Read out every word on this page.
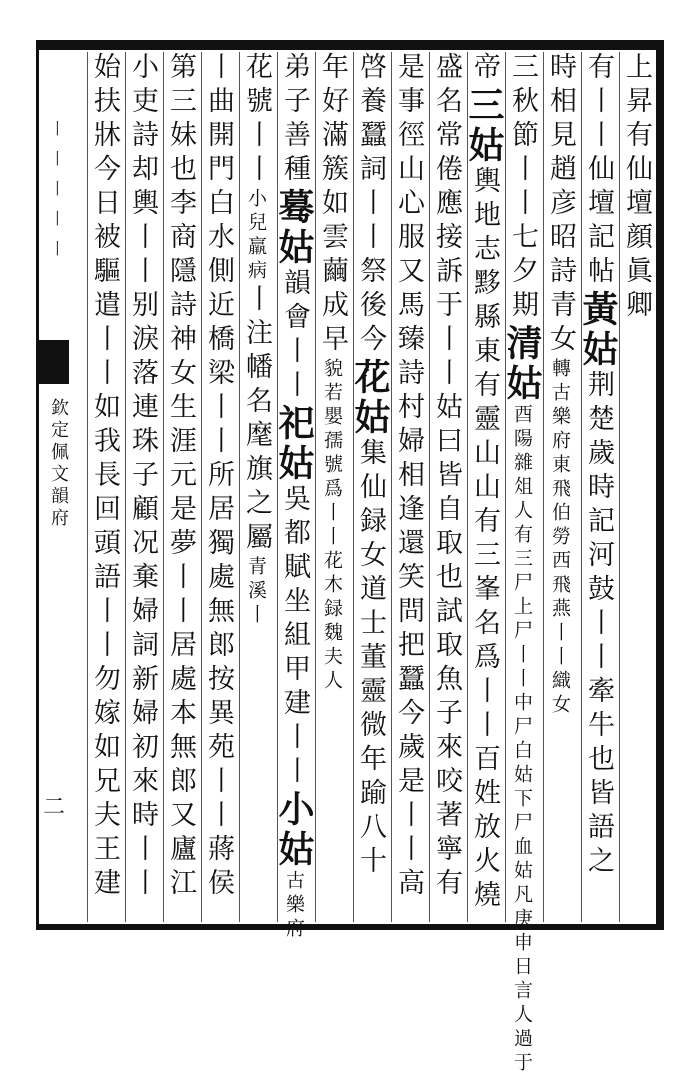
丨丨丨丨丨
欽定佩文韻府
二
上昇有仙壇顔眞卿
有丨丨仙壇記帖黃姑荆楚歲時記河鼓丨丨牽牛也皆語之
時相見趙彦昭詩青女轉古樂府東飛伯勞西飛燕丨丨織女
三秋節丨丨七夕期清姑酉陽雜俎人有三尸上尸丨丨中尸白姑下尸血姑凡庚申日言人過于
帝三姑輿地志黟縣東有靈山山有三峯名爲丨丨百姓放火燒
盛名常倦應接訴于丨丨姑曰皆自取也試取魚子來咬著寧有
是事徑山心服又馬臻詩村婦相逢還笑問把蠶今歲是丨丨高
啓養蠶詞丨丨祭後今花姑集仙録女道士董靈微年踰八十
年好滿簇如雲繭成早貌若嬰孺號爲丨丨花木録魏夫人
弟子善種蓦姑韻會丨丨祀姑吳都賦坐組甲建丨丨小姑古樂府
花號丨丨小兒羸病丨注幡名麾旗之屬青溪丨
丨曲開門白水側近橋梁丨丨所居獨處無郎按異苑丨丨蔣侯
第三妹也李商隱詩神女生涯元是夢丨丨居處本無郎又廬江
小吏詩却輿丨丨别淚落連珠子顧况棄婦詞新婦初來時丨丨
始扶牀今日被驅遣丨丨如我長回頭語丨丨勿嫁如兄夫王建
